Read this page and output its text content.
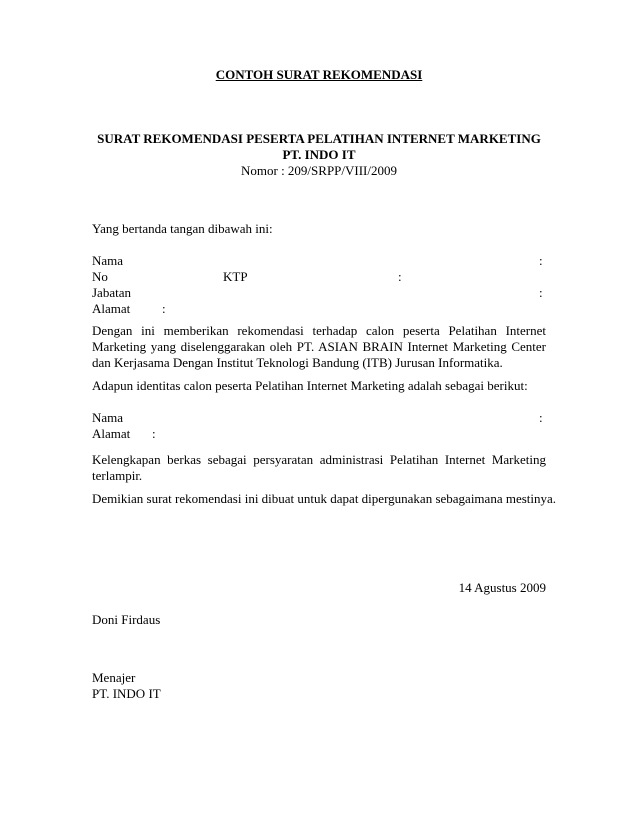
CONTOH SURAT REKOMENDASI
SURAT REKOMENDASI PESERTA PELATIHAN INTERNET MARKETING
PT. INDO IT
Nomor : 209/SRPP/VIII/2009
Yang bertanda tangan dibawah ini:
Nama	:
No	KTP	:
Jabatan	:
Alamat :
Dengan ini memberikan rekomendasi terhadap calon peserta Pelatihan Internet Marketing yang diselenggarakan oleh PT. ASIAN BRAIN Internet Marketing Center dan Kerjasama Dengan Institut Teknologi Bandung (ITB) Jurusan Informatika.
Adapun identitas calon peserta Pelatihan Internet Marketing adalah sebagai berikut:
Nama	:
Alamat :
Kelengkapan berkas sebagai persyaratan administrasi Pelatihan Internet Marketing terlampir.
Demikian surat rekomendasi ini dibuat untuk dapat dipergunakan sebagaimana mestinya.
14 Agustus 2009
Doni Firdaus
Menajer
PT. INDO IT
